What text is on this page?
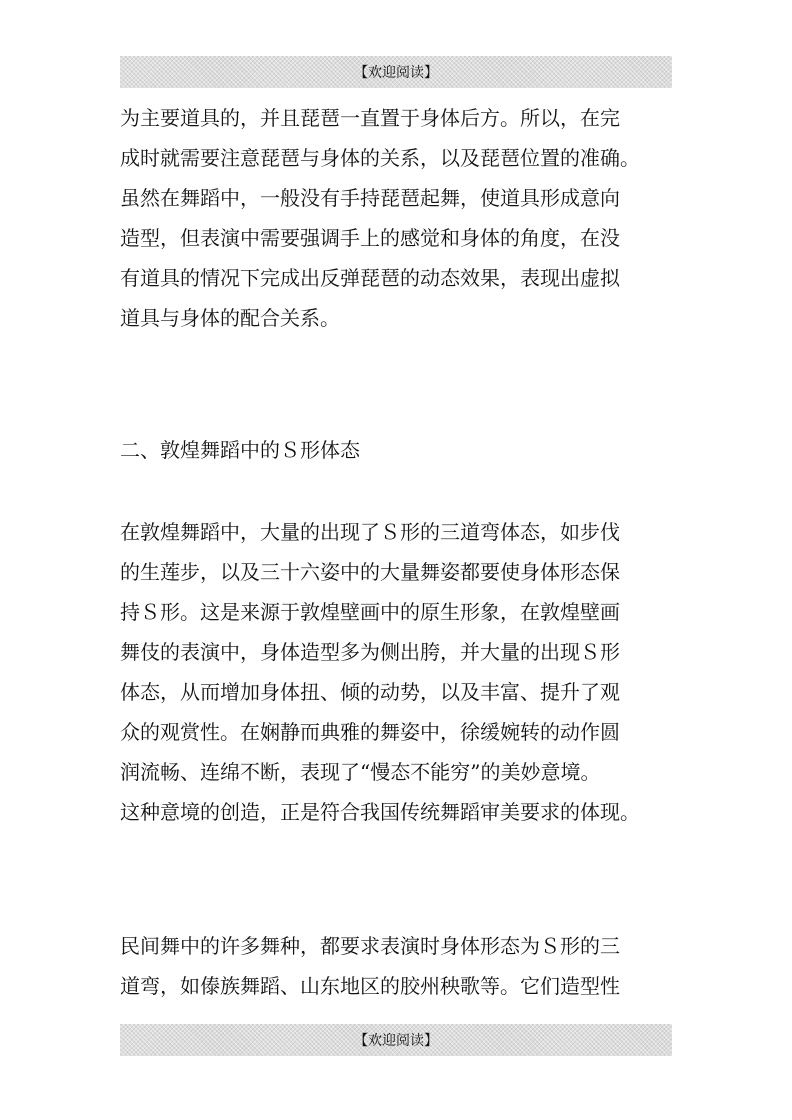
【欢迎阅读】
为主要道具的，并且琵琶一直置于身体后方。所以，在完
成时就需要注意琵琶与身体的关系，以及琵琶位置的准确。
虽然在舞蹈中，一般没有手持琵琶起舞，使道具形成意向
造型，但表演中需要强调手上的感觉和身体的角度，在没
有道具的情况下完成出反弹琵琶的动态效果，表现出虚拟
道具与身体的配合关系。
二、敦煌舞蹈中的Ｓ形体态
在敦煌舞蹈中，大量的出现了Ｓ形的三道弯体态，如步伐
的生莲步，以及三十六姿中的大量舞姿都要使身体形态保
持Ｓ形。这是来源于敦煌壁画中的原生形象，在敦煌壁画
舞伎的表演中，身体造型多为侧出胯，并大量的出现Ｓ形
体态，从而增加身体扭、倾的动势，以及丰富、提升了观
众的观赏性。在娴静而典雅的舞姿中，徐缓婉转的动作圆
润流畅、连绵不断，表现了“慢态不能穷”的美妙意境。
这种意境的创造，正是符合我国传统舞蹈审美要求的体现。
民间舞中的许多舞种，都要求表演时身体形态为Ｓ形的三
道弯，如傣族舞蹈、山东地区的胶州秧歌等。它们造型性
【欢迎阅读】
